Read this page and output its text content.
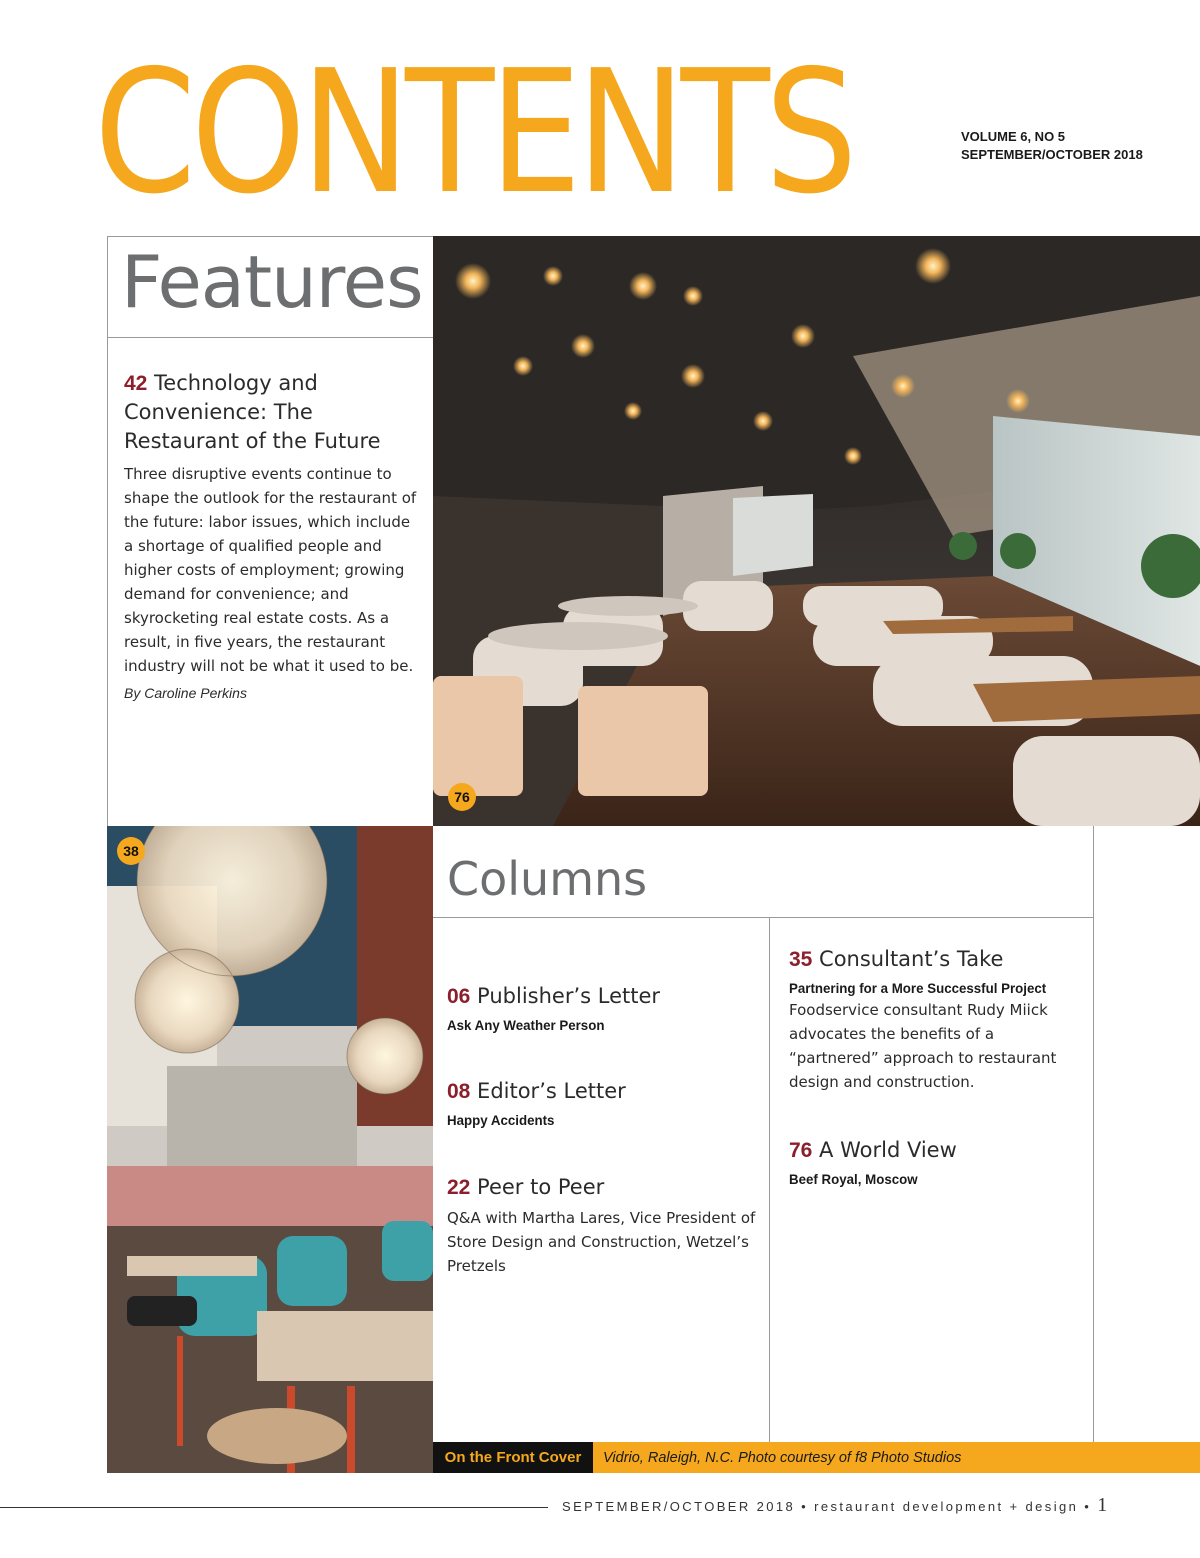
CONTENTS	VOLUME 6, NO 5
SEPTEMBER/OCTOBER 2018
Features
42 Technology and Convenience: The Restaurant of the Future
Three disruptive events continue to shape the outlook for the restaurant of the future: labor issues, which include a shortage of qualified people and higher costs of employment; growing demand for convenience; and skyrocketing real estate costs. As a result, in five years, the restaurant industry will not be what it used to be.
By Caroline Perkins
76
38
Columns
06 Publisher’s Letter
Ask Any Weather Person
08 Editor’s Letter
Happy Accidents
22 Peer to Peer
Q&A with Martha Lares, Vice President of Store Design and Construction, Wetzel’s Pretzels
35 Consultant’s Take
Partnering for a More Successful Project
Foodservice consultant Rudy Miick advocates the benefits of a “partnered” approach to restaurant design and construction.
76 A World View
Beef Royal, Moscow
On the Front Cover	Vidrio, Raleigh, N.C. Photo courtesy of f8 Photo Studios
SEPTEMBER/OCTOBER 2018 • restaurant development + design • 1
